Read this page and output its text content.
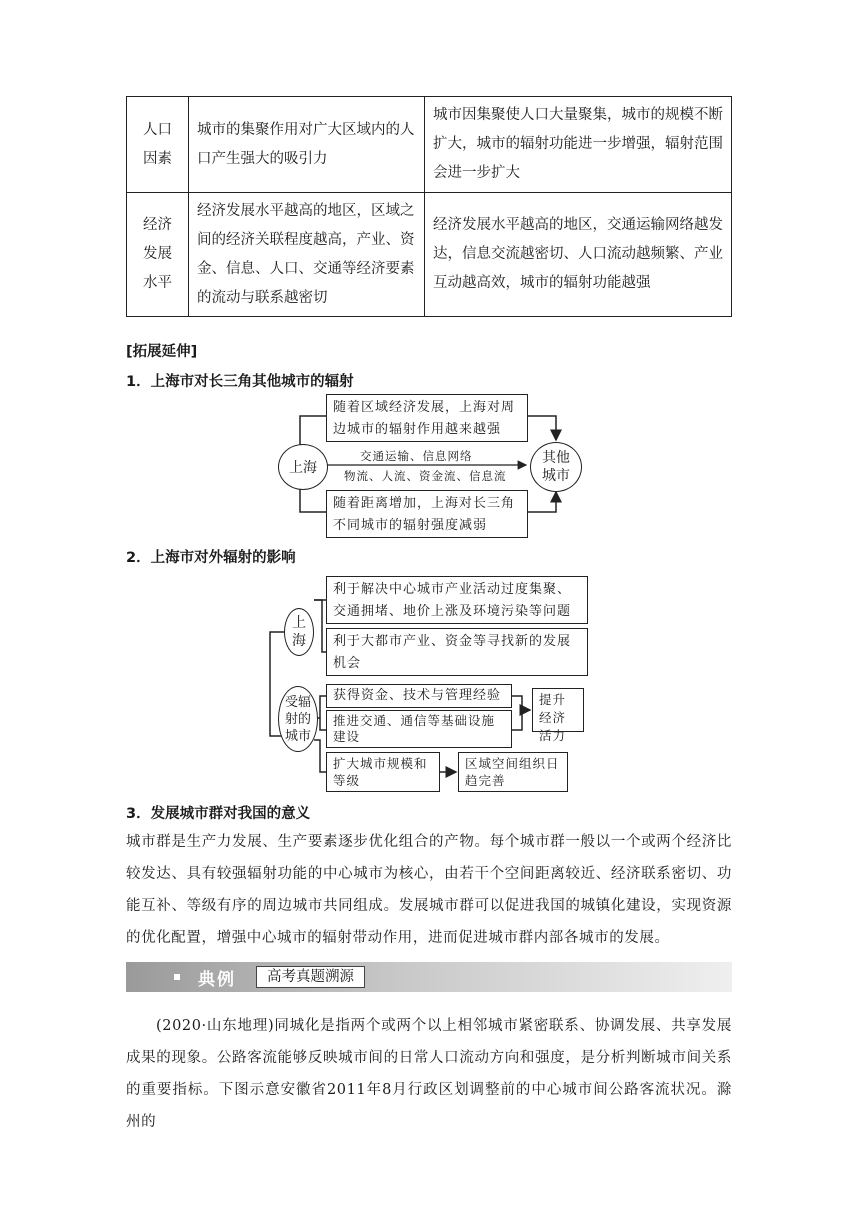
人口
因素	城市的集聚作用对广大区域内的人口产生强大的吸引力	城市因集聚使人口大量聚集，城市的规模不断扩大，城市的辐射功能进一步增强，辐射范围会进一步扩大
经济
发展
水平	经济发展水平越高的地区，区域之间的经济关联程度越高，产业、资金、信息、人口、交通等经济要素的流动与联系越密切	经济发展水平越高的地区，交通运输网络越发达，信息交流越密切、人口流动越频繁、产业互动越高效，城市的辐射功能越强
[拓展延伸]
1．上海市对长三角其他城市的辐射
上海
其他
城市
随着区域经济发展，上海对周边城市的辐射作用越来越强
随着距离增加，上海对长三角不同城市的辐射强度减弱
交通运输、信息网络
物流、人流、资金流、信息流
2．上海市对外辐射的影响
上
海
受辐
射的
城市
利于解决中心城市产业活动过度集聚、交通拥堵、地价上涨及环境污染等问题
利于大都市产业、资金等寻找新的发展机会
获得资金、技术与管理经验
推进交通、通信等基础设施建设
提升经济活力
扩大城市规模和等级
区域空间组织日趋完善
3．发展城市群对我国的意义
城市群是生产力发展、生产要素逐步优化组合的产物。每个城市群一般以一个或两个经济比较发达、具有较强辐射功能的中心城市为核心，由若干个空间距离较近、经济联系密切、功能互补、等级有序的周边城市共同组成。发展城市群可以促进我国的城镇化建设，实现资源的优化配置，增强中心城市的辐射带动作用，进而促进城市群内部各城市的发展。
典例	高考真题溯源
(2020·山东地理)同城化是指两个或两个以上相邻城市紧密联系、协调发展、共享发展成果的现象。公路客流能够反映城市间的日常人口流动方向和强度，是分析判断城市间关系的重要指标。下图示意安徽省2011年8月行政区划调整前的中心城市间公路客流状况。滁州的
